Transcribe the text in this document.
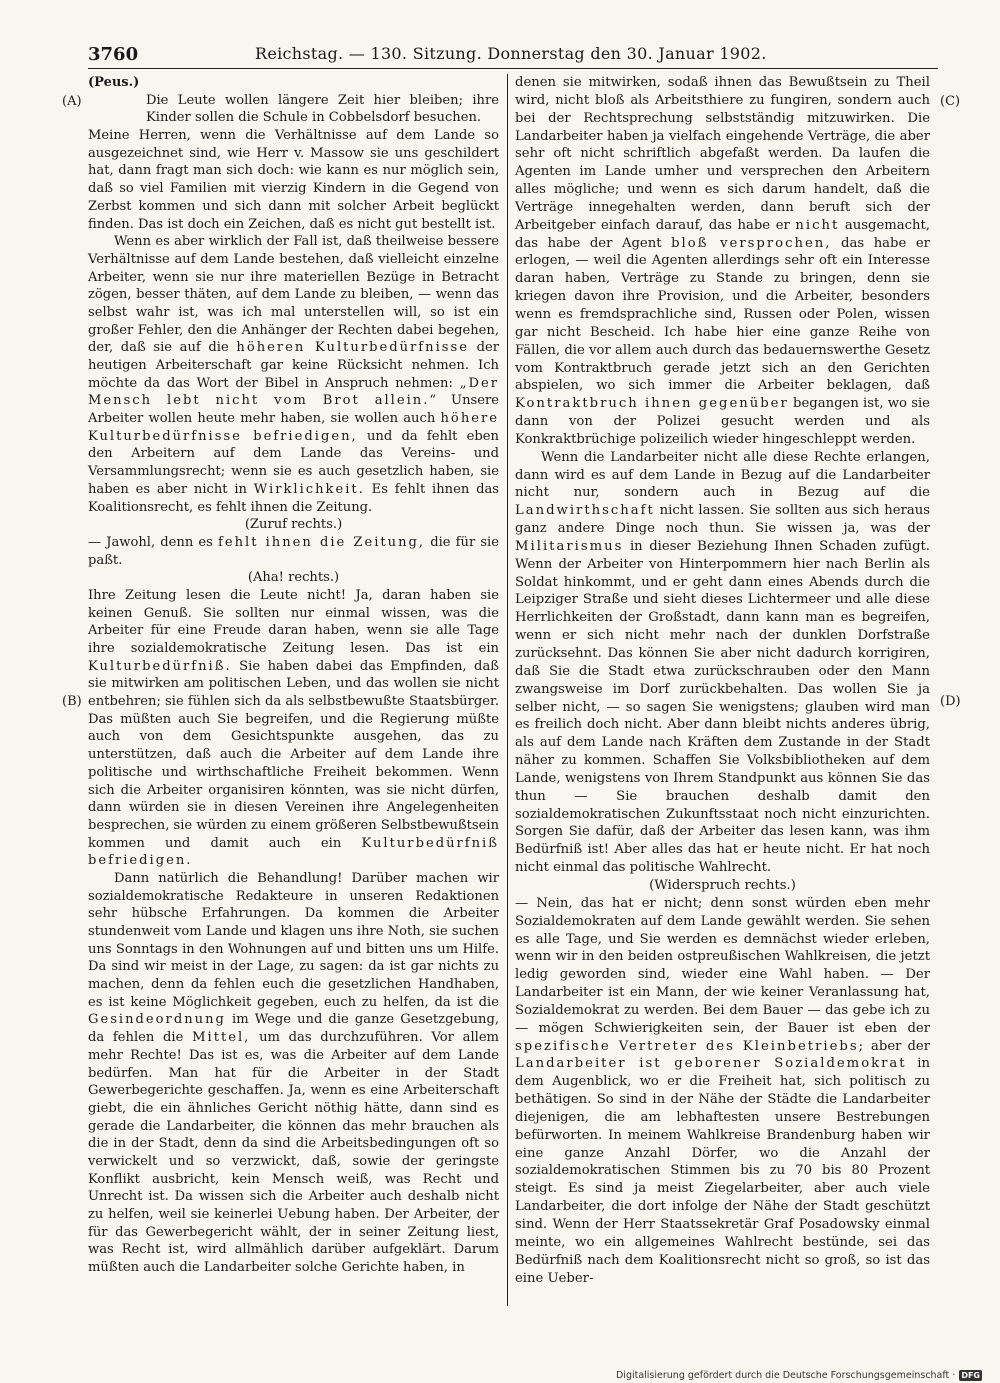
3760	Reichstag. — 130. Sitzung. Donnerstag den 30. Januar 1902.
(A)
(B)
(C)
(D)

(Peus.)

Die Leute wollen längere Zeit hier bleiben; ihre Kinder sollen die Schule in Cobbelsdorf besuchen.

Meine Herren, wenn die Verhältnisse auf dem Lande so ausgezeichnet sind, wie Herr v. Massow sie uns geschildert hat, dann fragt man sich doch: wie kann es nur möglich sein, daß so viel Familien mit vierzig Kindern in die Gegend von Zerbst kommen und sich dann mit solcher Arbeit beglückt finden. Das ist doch ein Zeichen, daß es nicht gut bestellt ist.

Wenn es aber wirklich der Fall ist, daß theilweise bessere Verhältnisse auf dem Lande bestehen, daß vielleicht einzelne Arbeiter, wenn sie nur ihre materiellen Bezüge in Betracht zögen, besser thäten, auf dem Lande zu bleiben, — wenn das selbst wahr ist, was ich mal unterstellen will, so ist ein großer Fehler, den die Anhänger der Rechten dabei begehen, der, daß sie auf die höheren Kulturbedürfnisse der heutigen Arbeiterschaft gar keine Rücksicht nehmen. Ich möchte da das Wort der Bibel in Anspruch nehmen: „Der Mensch lebt nicht vom Brot allein.“ Unsere Arbeiter wollen heute mehr haben, sie wollen auch höhere Kulturbedürfnisse befriedigen, und da fehlt eben den Arbeitern auf dem Lande das Vereins- und Versammlungsrecht; wenn sie es auch gesetzlich haben, sie haben es aber nicht in Wirklichkeit. Es fehlt ihnen das Koalitionsrecht, es fehlt ihnen die Zeitung.

(Zuruf rechts.)

— Jawohl, denn es fehlt ihnen die Zeitung, die für sie paßt.

(Aha! rechts.)

Ihre Zeitung lesen die Leute nicht! Ja, daran haben sie keinen Genuß. Sie sollten nur einmal wissen, was die Arbeiter für eine Freude daran haben, wenn sie alle Tage ihre sozialdemokratische Zeitung lesen. Das ist ein Kulturbedürfniß. Sie haben dabei das Empfinden, daß sie mitwirken am politischen Leben, und das wollen sie nicht entbehren; sie fühlen sich da als selbstbewußte Staatsbürger. Das müßten auch Sie begreifen, und die Regierung müßte auch von dem Gesichtspunkte ausgehen, das zu unterstützen, daß auch die Arbeiter auf dem Lande ihre politische und wirthschaftliche Freiheit bekommen. Wenn sich die Arbeiter organisiren könnten, was sie nicht dürfen, dann würden sie in diesen Vereinen ihre Angelegenheiten besprechen, sie würden zu einem größeren Selbstbewußtsein kommen und damit auch ein Kulturbedürfniß befriedigen.

Dann natürlich die Behandlung! Darüber machen wir sozialdemokratische Redakteure in unseren Redaktionen sehr hübsche Erfahrungen. Da kommen die Arbeiter stundenweit vom Lande und klagen uns ihre Noth, sie suchen uns Sonntags in den Wohnungen auf und bitten uns um Hilfe. Da sind wir meist in der Lage, zu sagen: da ist gar nichts zu machen, denn da fehlen euch die gesetzlichen Handhaben, es ist keine Möglichkeit gegeben, euch zu helfen, da ist die Gesindeordnung im Wege und die ganze Gesetzgebung, da fehlen die Mittel, um das durchzuführen. Vor allem mehr Rechte! Das ist es, was die Arbeiter auf dem Lande bedürfen. Man hat für die Arbeiter in der Stadt Gewerbegerichte geschaffen. Ja, wenn es eine Arbeiterschaft giebt, die ein ähnliches Gericht nöthig hätte, dann sind es gerade die Landarbeiter, die können das mehr brauchen als die in der Stadt, denn da sind die Arbeitsbedingungen oft so verwickelt und so verzwickt, daß, sowie der geringste Konflikt ausbricht, kein Mensch weiß, was Recht und Unrecht ist. Da wissen sich die Arbeiter auch deshalb nicht zu helfen, weil sie keinerlei Uebung haben. Der Arbeiter, der für das Gewerbegericht wählt, der in seiner Zeitung liest, was Recht ist, wird allmählich darüber aufgeklärt. Darum müßten auch die Landarbeiter solche Gerichte haben, in

denen sie mitwirken, sodaß ihnen das Bewußtsein zu Theil wird, nicht bloß als Arbeitsthiere zu fungiren, sondern auch bei der Rechtsprechung selbstständig mitzuwirken. Die Landarbeiter haben ja vielfach eingehende Verträge, die aber sehr oft nicht schriftlich abgefaßt werden. Da laufen die Agenten im Lande umher und versprechen den Arbeitern alles mögliche; und wenn es sich darum handelt, daß die Verträge innegehalten werden, dann beruft sich der Arbeitgeber einfach darauf, das habe er nicht ausgemacht, das habe der Agent bloß versprochen, das habe er erlogen, — weil die Agenten allerdings sehr oft ein Interesse daran haben, Verträge zu Stande zu bringen, denn sie kriegen davon ihre Provision, und die Arbeiter, besonders wenn es fremdsprachliche sind, Russen oder Polen, wissen gar nicht Bescheid. Ich habe hier eine ganze Reihe von Fällen, die vor allem auch durch das bedauernswerthe Gesetz vom Kontraktbruch gerade jetzt sich an den Gerichten abspielen, wo sich immer die Arbeiter beklagen, daß Kontraktbruch ihnen gegenüber begangen ist, wo sie dann von der Polizei gesucht werden und als Konkraktbrüchige polizeilich wieder hingeschleppt werden.

Wenn die Landarbeiter nicht alle diese Rechte erlangen, dann wird es auf dem Lande in Bezug auf die Landarbeiter nicht nur, sondern auch in Bezug auf die Landwirthschaft nicht lassen. Sie sollten aus sich heraus ganz andere Dinge noch thun. Sie wissen ja, was der Militarismus in dieser Beziehung Ihnen Schaden zufügt. Wenn der Arbeiter von Hinterpommern hier nach Berlin als Soldat hinkommt, und er geht dann eines Abends durch die Leipziger Straße und sieht dieses Lichtermeer und alle diese Herrlichkeiten der Großstadt, dann kann man es begreifen, wenn er sich nicht mehr nach der dunklen Dorfstraße zurücksehnt. Das können Sie aber nicht dadurch korrigiren, daß Sie die Stadt etwa zurückschrauben oder den Mann zwangsweise im Dorf zurückbehalten. Das wollen Sie ja selber nicht, — so sagen Sie wenigstens; glauben wird man es freilich doch nicht. Aber dann bleibt nichts anderes übrig, als auf dem Lande nach Kräften dem Zustande in der Stadt näher zu kommen. Schaffen Sie Volksbibliotheken auf dem Lande, wenigstens von Ihrem Standpunkt aus können Sie das thun — Sie brauchen deshalb damit den sozialdemokratischen Zukunftsstaat noch nicht einzurichten. Sorgen Sie dafür, daß der Arbeiter das lesen kann, was ihm Bedürfniß ist! Aber alles das hat er heute nicht. Er hat noch nicht einmal das politische Wahlrecht.

(Widerspruch rechts.)

— Nein, das hat er nicht; denn sonst würden eben mehr Sozialdemokraten auf dem Lande gewählt werden. Sie sehen es alle Tage, und Sie werden es demnächst wieder erleben, wenn wir in den beiden ostpreußischen Wahlkreisen, die jetzt ledig geworden sind, wieder eine Wahl haben. — Der Landarbeiter ist ein Mann, der wie keiner Veranlassung hat, Sozialdemokrat zu werden. Bei dem Bauer — das gebe ich zu — mögen Schwierigkeiten sein, der Bauer ist eben der spezifische Vertreter des Kleinbetriebs; aber der Landarbeiter ist geborener Sozialdemokrat in dem Augenblick, wo er die Freiheit hat, sich politisch zu bethätigen. So sind in der Nähe der Städte die Landarbeiter diejenigen, die am lebhaftesten unsere Bestrebungen befürworten. In meinem Wahlkreise Brandenburg haben wir eine ganze Anzahl Dörfer, wo die Anzahl der sozialdemokratischen Stimmen bis zu 70 bis 80 Prozent steigt. Es sind ja meist Ziegelarbeiter, aber auch viele Landarbeiter, die dort infolge der Nähe der Stadt geschützt sind. Wenn der Herr Staatssekretär Graf Posadowsky einmal meinte, wo ein allgemeines Wahlrecht bestünde, sei das Bedürfniß nach dem Koalitionsrecht nicht so groß, so ist das eine Ueber-

Digitalisierung gefördert durch die Deutsche Forschungsgemeinschaft · DFG
